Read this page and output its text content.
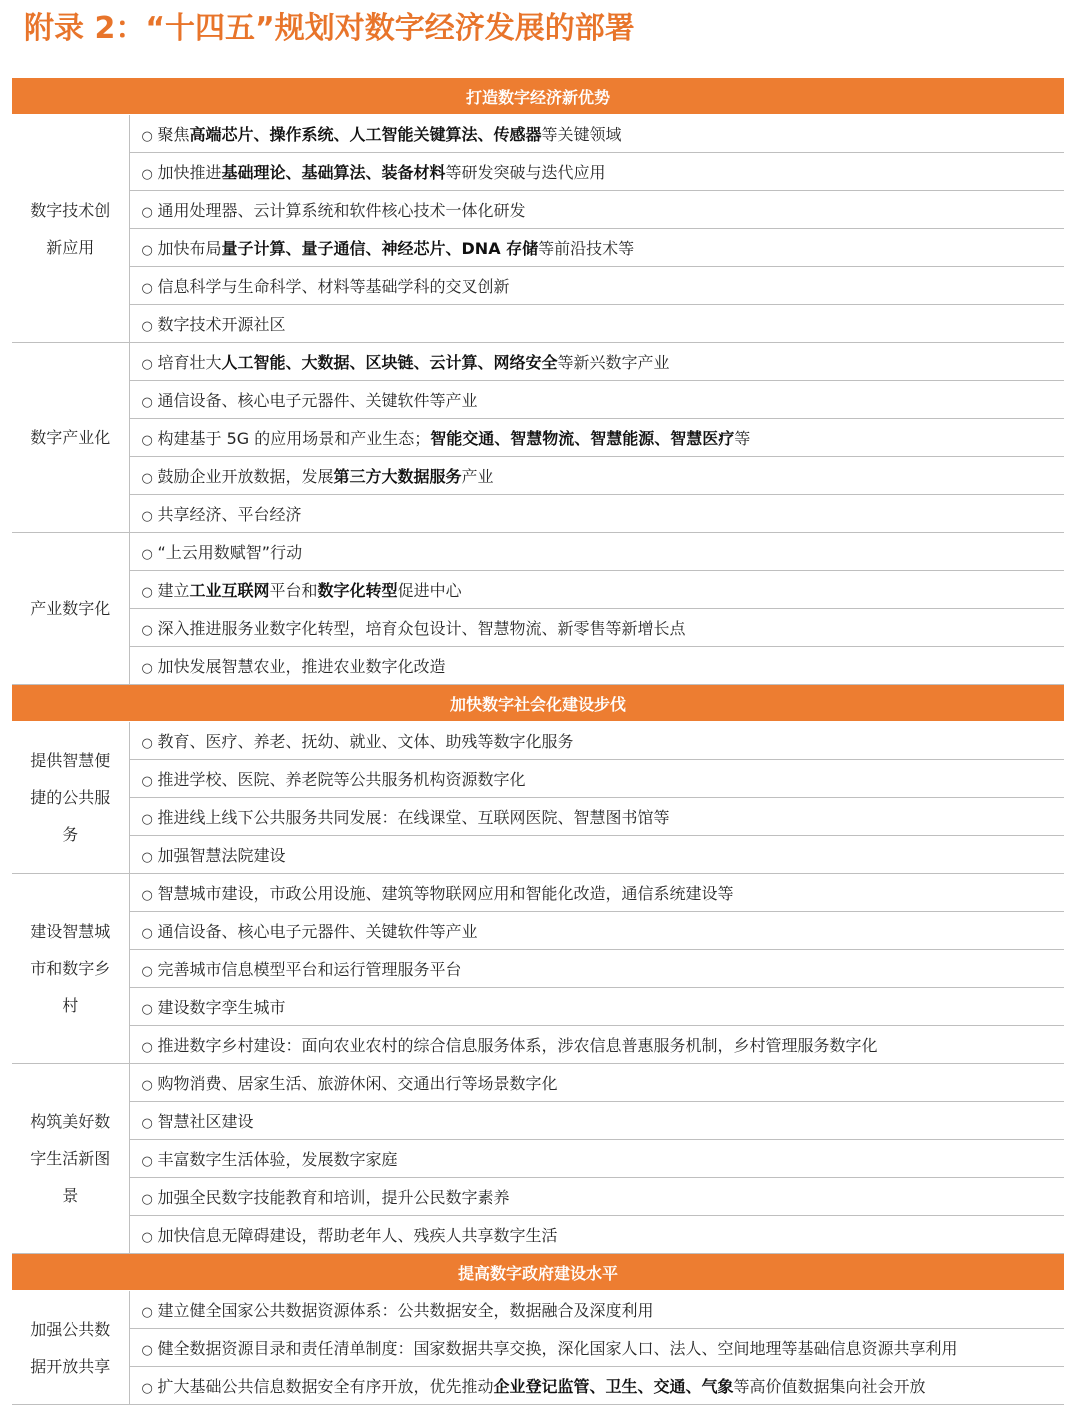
附录 2：“十四五”规划对数字经济发展的部署
打造数字经济新优势	
数字技术创新应用	○ 聚焦高端芯片、操作系统、人工智能关键算法、传感器等关键领域
	○ 加快推进基础理论、基础算法、装备材料等研发突破与迭代应用
	○ 通用处理器、云计算系统和软件核心技术一体化研发
	○ 加快布局量子计算、量子通信、神经芯片、DNA 存储等前沿技术等
	○ 信息科学与生命科学、材料等基础学科的交叉创新
	○ 数字技术开源社区
数字产业化	○ 培育壮大人工智能、大数据、区块链、云计算、网络安全等新兴数字产业
	○ 通信设备、核心电子元器件、关键软件等产业
	○ 构建基于 5G 的应用场景和产业生态；智能交通、智慧物流、智慧能源、智慧医疗等
	○ 鼓励企业开放数据，发展第三方大数据服务产业
	○ 共享经济、平台经济
产业数字化	○ “上云用数赋智”行动
	○ 建立工业互联网平台和数字化转型促进中心
	○ 深入推进服务业数字化转型，培育众包设计、智慧物流、新零售等新增长点
	○ 加快发展智慧农业，推进农业数字化改造
加快数字社会化建设步伐	
提供智慧便捷的公共服务	○ 教育、医疗、养老、抚幼、就业、文体、助残等数字化服务
	○ 推进学校、医院、养老院等公共服务机构资源数字化
	○ 推进线上线下公共服务共同发展：在线课堂、互联网医院、智慧图书馆等
	○ 加强智慧法院建设
建设智慧城市和数字乡村	○ 智慧城市建设，市政公用设施、建筑等物联网应用和智能化改造，通信系统建设等
	○ 通信设备、核心电子元器件、关键软件等产业
	○ 完善城市信息模型平台和运行管理服务平台
	○ 建设数字孪生城市
	○ 推进数字乡村建设：面向农业农村的综合信息服务体系，涉农信息普惠服务机制，乡村管理服务数字化
构筑美好数字生活新图景	○ 购物消费、居家生活、旅游休闲、交通出行等场景数字化
	○ 智慧社区建设
	○ 丰富数字生活体验，发展数字家庭
	○ 加强全民数字技能教育和培训，提升公民数字素养
	○ 加快信息无障碍建设，帮助老年人、残疾人共享数字生活
提高数字政府建设水平	
加强公共数据开放共享	○ 建立健全国家公共数据资源体系：公共数据安全，数据融合及深度利用
	○ 健全数据资源目录和责任清单制度：国家数据共享交换，深化国家人口、法人、空间地理等基础信息资源共享利用
	○ 扩大基础公共信息数据安全有序开放，优先推动企业登记监管、卫生、交通、气象等高价值数据集向社会开放
